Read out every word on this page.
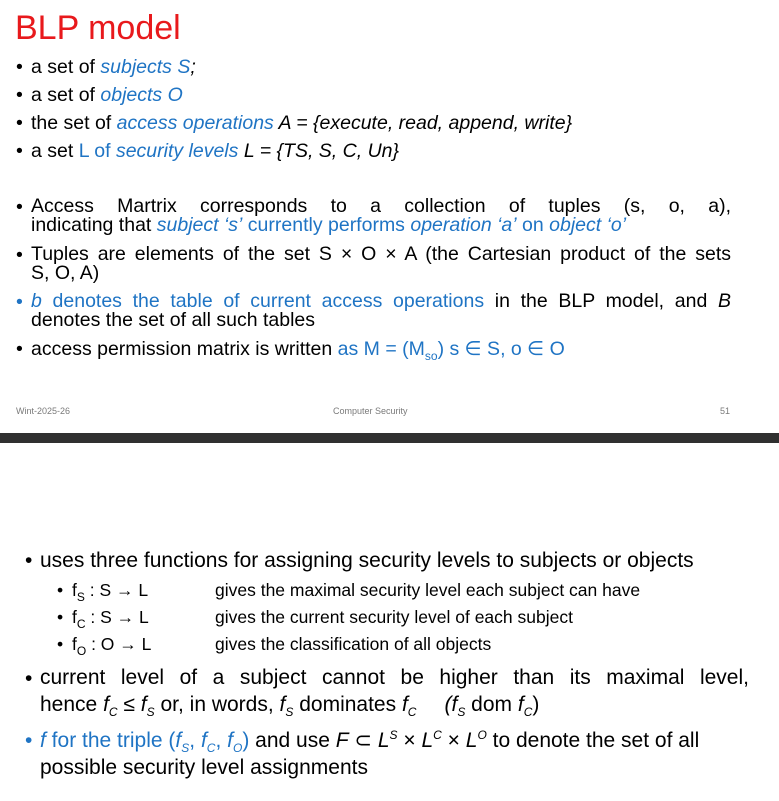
BLP model
• a set of subjects S;
• a set of objects O
• the set of access operations A = {execute, read, append, write}
• a set L of security levels L = {TS, S, C, Un}
• Access Martrix corresponds to a collection of tuples (s, o, a),
indicating that subject ‘s’ currently performs operation ‘a’ on object ‘o’
• Tuples are elements of the set S × O × A (the Cartesian product of the sets
S, O, A)
• b denotes the table of current access operations in the BLP model, and B
denotes the set of all such tables
• access permission matrix is written as $M = (M_{so})$ s ∈ S, o ∈ O
Wint-2025-26	Computer Security	51
• uses three functions for assigning security levels to subjects or objects
• $f_S$ : S → L	gives the maximal security level each subject can have
• $f_C$ : S → L	gives the current security level of each subject
• $f_O$ : O → L	gives the classification of all objects
• current level of a subject cannot be higher than its maximal level,
hence $f_C \le f_S$ or, in words, $f_S$ dominates $f_C$ ($f_S$ dom $f_C$)
• f for the triple ($f_S$, $f_C$, $f_O$) and use F ⊂ $L^S \times L^C \times L^O$ to denote the set of all
possible security level assignments
